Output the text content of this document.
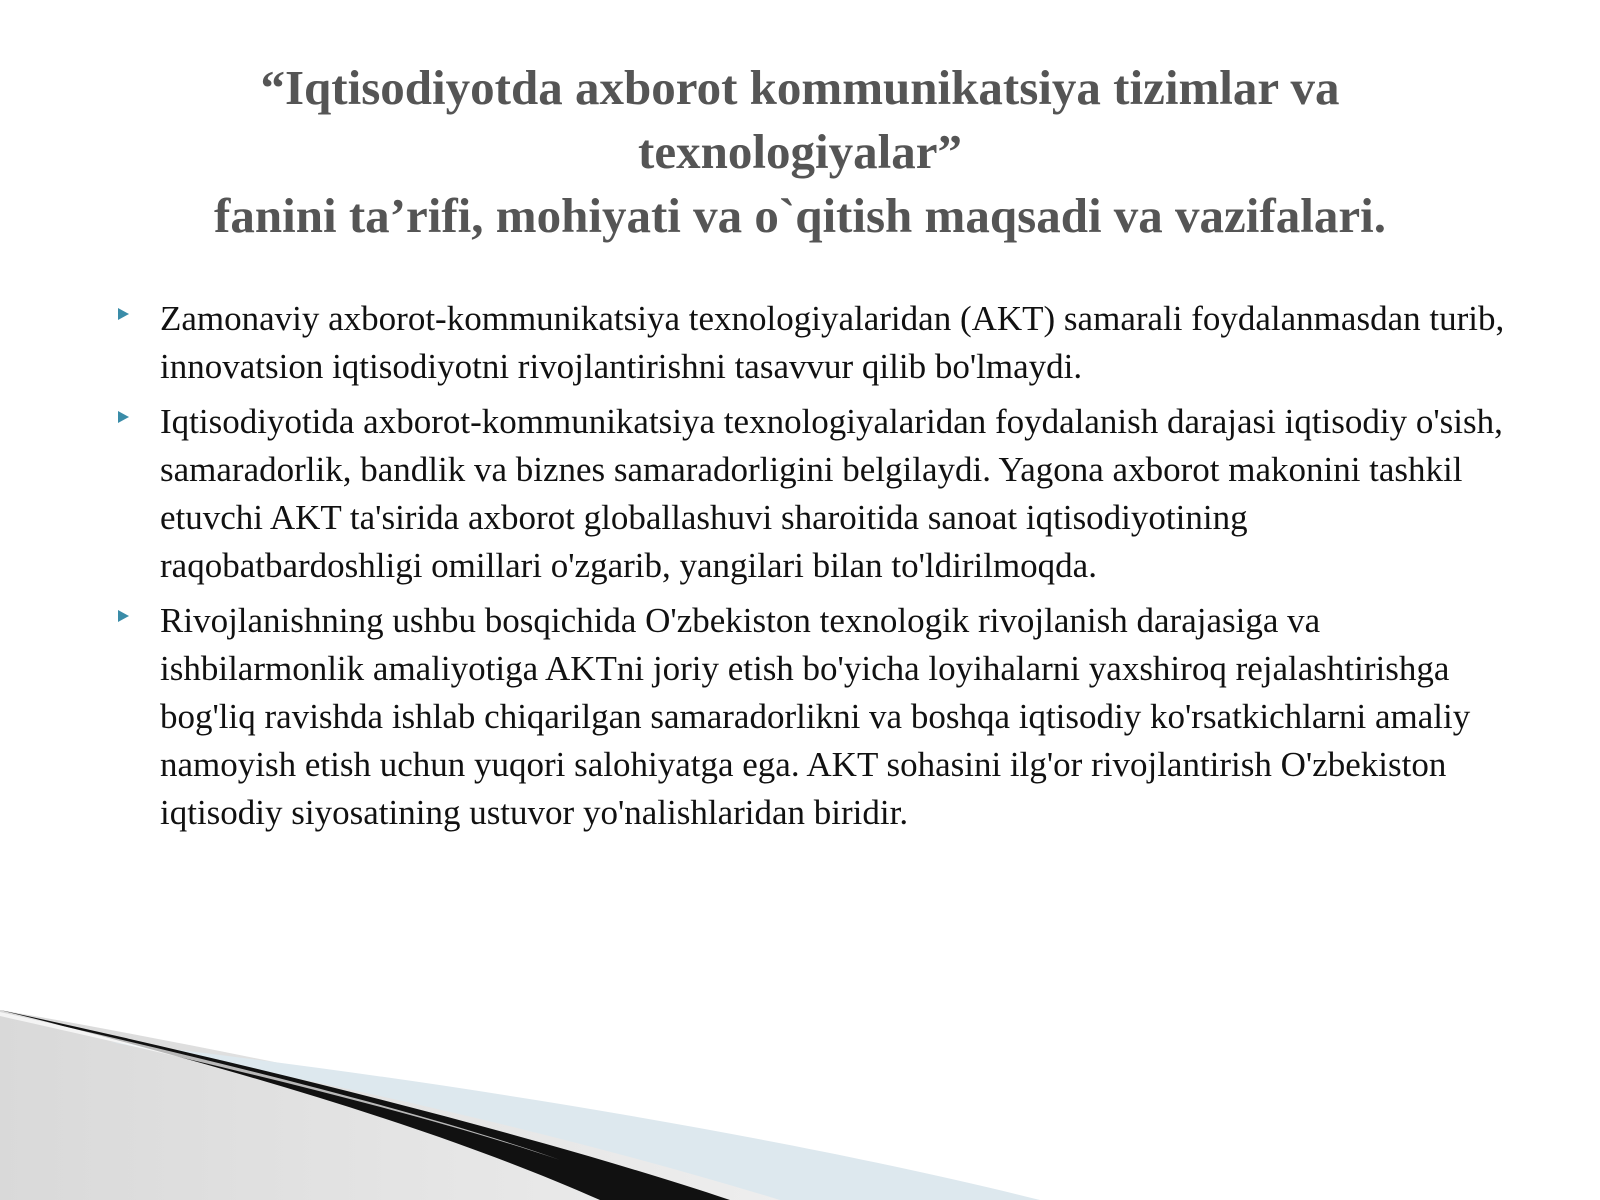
“Iqtisodiyotda axborot kommunikatsiya tizimlar va
texnologiyalar”
fanini ta’rifi, mohiyati va o`qitish maqsadi va vazifalari.
Zamonaviy axborot-kommunikatsiya texnologiyalaridan (AKT) samarali foydalanmasdan turib, innovatsion iqtisodiyotni rivojlantirishni tasavvur qilib bo'lmaydi.
Iqtisodiyotida axborot-kommunikatsiya texnologiyalaridan foydalanish darajasi iqtisodiy o'sish, samaradorlik, bandlik va biznes samaradorligini belgilaydi. Yagona axborot makonini tashkil etuvchi AKT ta'sirida axborot globallashuvi sharoitida sanoat iqtisodiyotining raqobatbardoshligi omillari o'zgarib, yangilari bilan to'ldirilmoqda.
Rivojlanishning ushbu bosqichida O'zbekiston texnologik rivojlanish darajasiga va ishbilarmonlik amaliyotiga AKTni joriy etish bo'yicha loyihalarni yaxshiroq rejalashtirishga bog'liq ravishda ishlab chiqarilgan samaradorlikni va boshqa iqtisodiy ko'rsatkichlarni amaliy namoyish etish uchun yuqori salohiyatga ega. AKT sohasini ilg'or rivojlantirish O'zbekiston iqtisodiy siyosatining ustuvor yo'nalishlaridan biridir.
